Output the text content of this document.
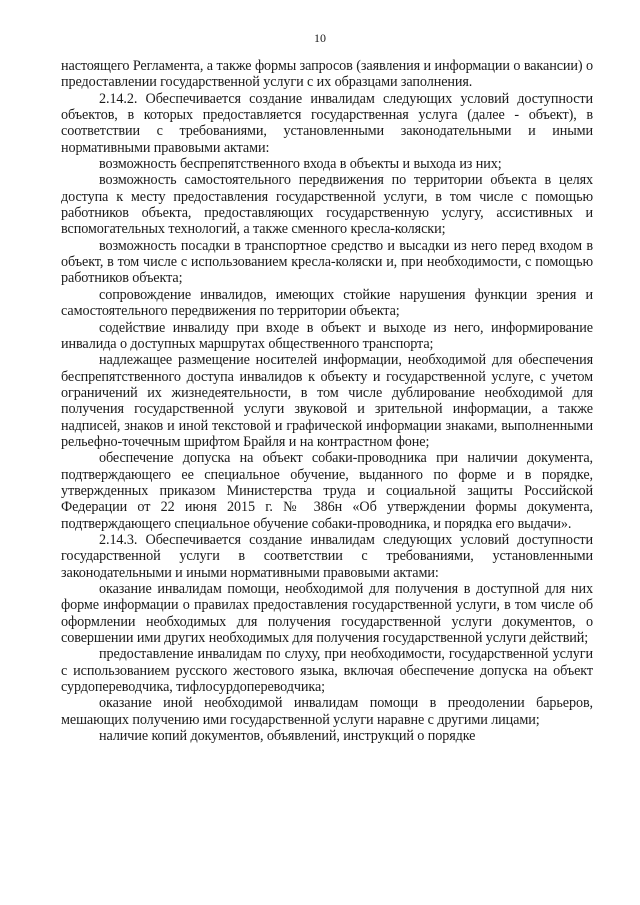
10

настоящего Регламента, а также формы запросов (заявления и информации о вакансии) о предоставлении государственной услуги с их образцами заполнения.

2.14.2. Обеспечивается создание инвалидам следующих условий доступности объектов, в которых предоставляется государственная услуга (далее - объект), в соответствии с требованиями, установленными законодательными и иными нормативными правовыми актами:

возможность беспрепятственного входа в объекты и выхода из них;

возможность самостоятельного передвижения по территории объекта в целях доступа к месту предоставления государственной услуги, в том числе с помощью работников объекта, предоставляющих государственную услугу, ассистивных и вспомогательных технологий, а также сменного кресла-коляски;

возможность посадки в транспортное средство и высадки из него перед входом в объект, в том числе с использованием кресла-коляски и, при необходимости, с помощью работников объекта;

сопровождение инвалидов, имеющих стойкие нарушения функции зрения и самостоятельного передвижения по территории объекта;

содействие инвалиду при входе в объект и выходе из него, информирование инвалида о доступных маршрутах общественного транспорта;

надлежащее размещение носителей информации, необходимой для обеспечения беспрепятственного доступа инвалидов к объекту и государственной услуге, с учетом ограничений их жизнедеятельности, в том числе дублирование необходимой для получения государственной услуги звуковой и зрительной информации, а также надписей, знаков и иной текстовой и графической информации знаками, выполненными рельефно-точечным шрифтом Брайля и на контрастном фоне;

обеспечение допуска на объект собаки-проводника при наличии документа, подтверждающего ее специальное обучение, выданного по форме и в порядке, утвержденных приказом Министерства труда и социальной защиты Российской Федерации от 22 июня 2015 г. № 386н «Об утверждении формы документа, подтверждающего специальное обучение собаки-проводника, и порядка его выдачи».

2.14.3. Обеспечивается создание инвалидам следующих условий доступности государственной услуги в соответствии с требованиями, установленными законодательными и иными нормативными правовыми актами:

оказание инвалидам помощи, необходимой для получения в доступной для них форме информации о правилах предоставления государственной услуги, в том числе об оформлении необходимых для получения государственной услуги документов, о совершении ими других необходимых для получения государственной услуги действий;

предоставление инвалидам по слуху, при необходимости, государственной услуги с использованием русского жестового языка, включая обеспечение допуска на объект сурдопереводчика, тифлосурдопереводчика;

оказание иной необходимой инвалидам помощи в преодолении барьеров, мешающих получению ими государственной услуги наравне с другими лицами;

наличие копий документов, объявлений, инструкций о порядке
